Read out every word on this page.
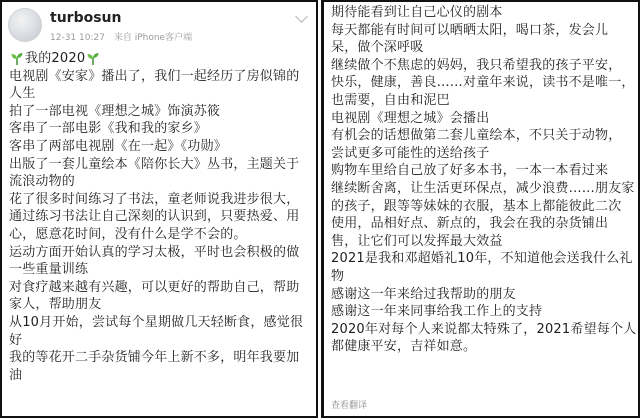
turbosun
12-31 10:27 来自 iPhone客户端
我的2020
电视剧《安家》播出了，我们一起经历了房似锦的
人生
拍了一部电视《理想之城》饰演苏筱
客串了一部电影《我和我的家乡》
客串了两部电视剧《在一起》《功勋》
出版了一套儿童绘本《陪你长大》丛书，主题关于
流浪动物的
花了很多时间练习了书法，童老师说我进步很大，
通过练习书法让自己深刻的认识到，只要热爱、用
心，愿意花时间，没有什么是学不会的。
运动方面开始认真的学习太极，平时也会积极的做
一些重量训练
对食疗越来越有兴趣，可以更好的帮助自己，帮助
家人，帮助朋友
从10月开始，尝试每个星期做几天轻断食，感觉很
好
我的等花开二手杂货铺今年上新不多，明年我要加
油
期待能看到让自己心仪的剧本
每天都能有时间可以晒晒太阳，喝口茶，发会儿
呆，做个深呼吸
继续做个不焦虑的妈妈，我只希望我的孩子平安，
快乐，健康，善良……对童年来说，读书不是唯一，
也需要，自由和泥巴
电视剧《理想之城》会播出
有机会的话想做第二套儿童绘本，不只关于动物，
尝试更多可能性的送给孩子
购物车里给自己放了好多本书，一本一本看过来
继续断舍离，让生活更环保点，减少浪费……朋友家
的孩子，跟等等妹妹的衣服，基本上都能彼此二次
使用，品相好点、新点的，我会在我的杂货铺出
售，让它们可以发挥最大效益
2021是我和邓超婚礼10年，不知道他会送我什么礼
物
感谢这一年来给过我帮助的朋友
感谢这一年来同事给我工作上的支持
2020年对每个人来说都太特殊了，2021希望每个人
都健康平安，吉祥如意。
查看翻译
